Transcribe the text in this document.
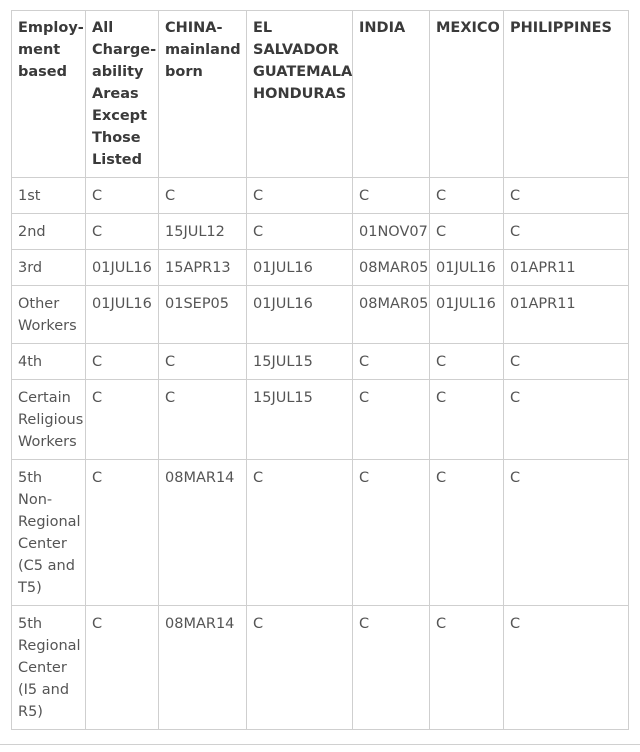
Employ-ment based	All Charge-ability Areas Except Those Listed	CHINA-mainland born	EL SALVADOR GUATEMALA HONDURAS	INDIA	MEXICO	PHILIPPINES
1st	C	C	C	C	C	C
2nd	C	15JUL12	C	01NOV07	C	C
3rd	01JUL16	15APR13	01JUL16	08MAR05	01JUL16	01APR11
Other Workers	01JUL16	01SEP05	01JUL16	08MAR05	01JUL16	01APR11
4th	C	C	15JUL15	C	C	C
Certain Religious Workers	C	C	15JUL15	C	C	C
5th Non-Regional Center (C5 and T5)	C	08MAR14	C	C	C	C
5th Regional Center (I5 and R5)	C	08MAR14	C	C	C	C
